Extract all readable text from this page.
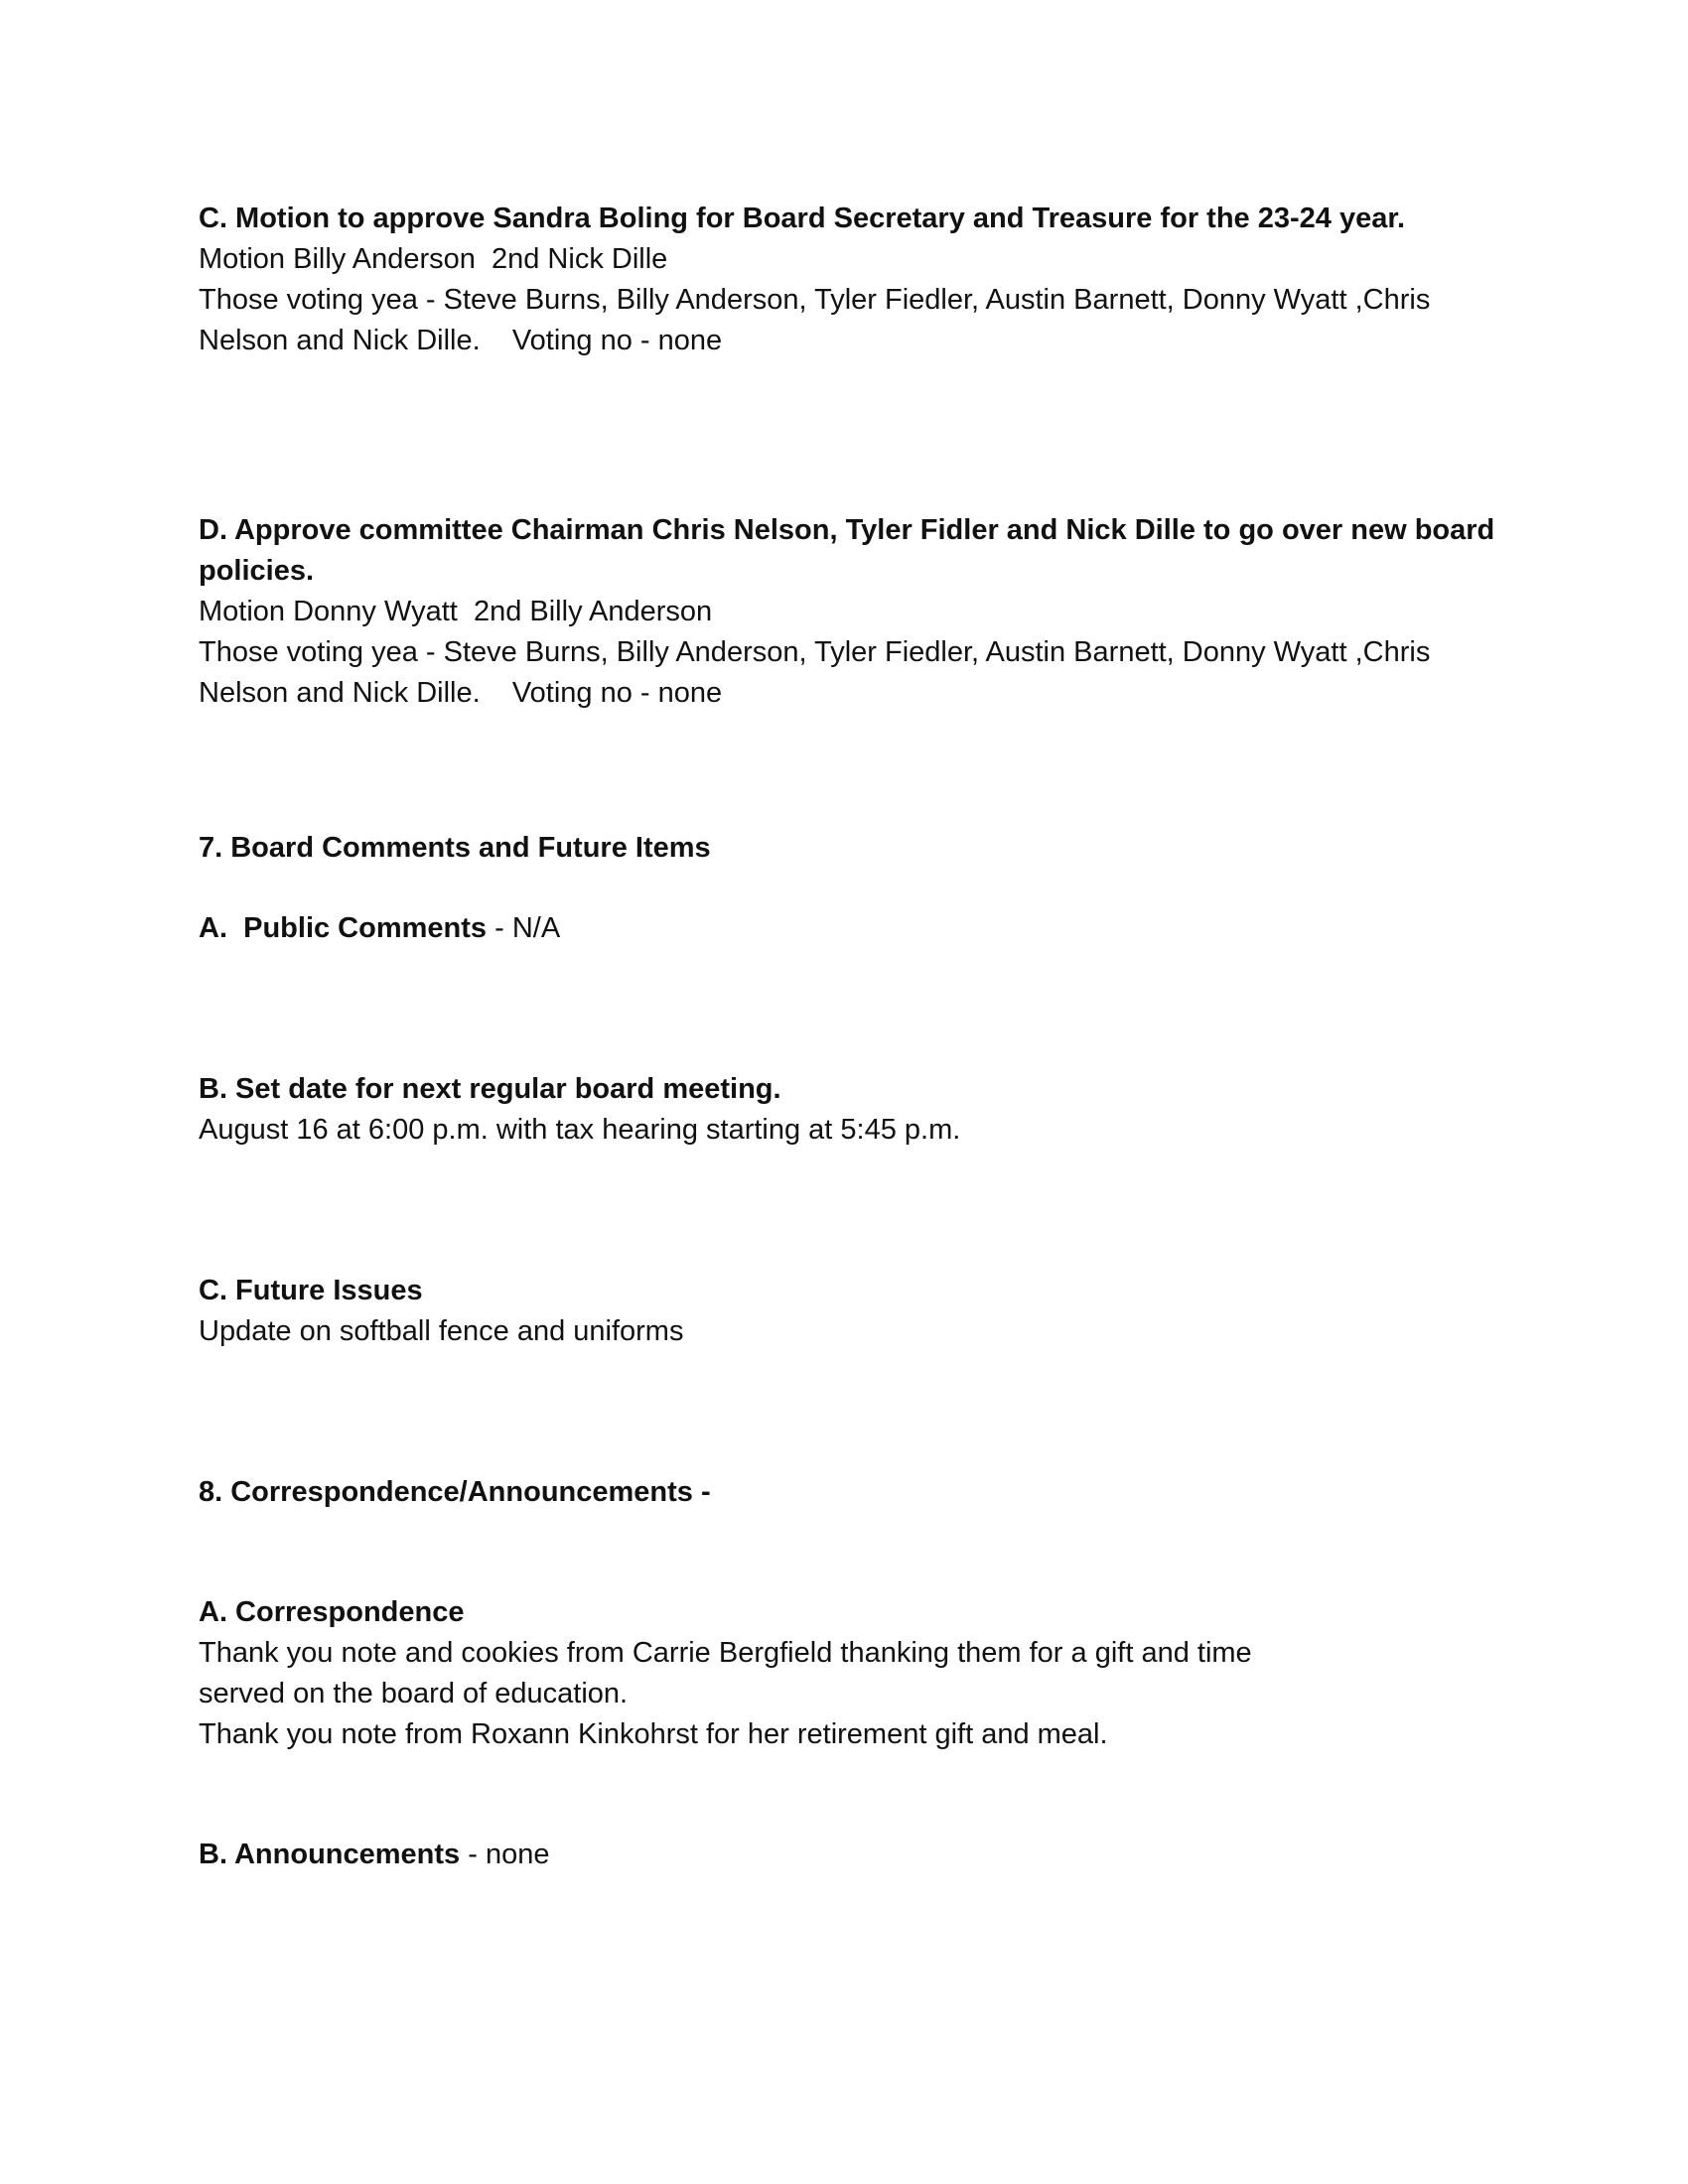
C. Motion to approve Sandra Boling for Board Secretary and Treasure for the 23-24 year.
Motion Billy Anderson  2nd Nick Dille
Those voting yea - Steve Burns, Billy Anderson, Tyler Fiedler, Austin Barnett, Donny Wyatt ,Chris
Nelson and Nick Dille.    Voting no - none
D. Approve committee Chairman Chris Nelson, Tyler Fidler and Nick Dille to go over new board
policies.
Motion Donny Wyatt  2nd Billy Anderson
Those voting yea - Steve Burns, Billy Anderson, Tyler Fiedler, Austin Barnett, Donny Wyatt ,Chris
Nelson and Nick Dille.    Voting no - none
7. Board Comments and Future Items
A.  Public Comments - N/A
B. Set date for next regular board meeting.
August 16 at 6:00 p.m. with tax hearing starting at 5:45 p.m.
C. Future Issues
Update on softball fence and uniforms
8. Correspondence/Announcements -
A. Correspondence
Thank you note and cookies from Carrie Bergfield thanking them for a gift and time
served on the board of education.
Thank you note from Roxann Kinkohrst for her retirement gift and meal.
B. Announcements - none
